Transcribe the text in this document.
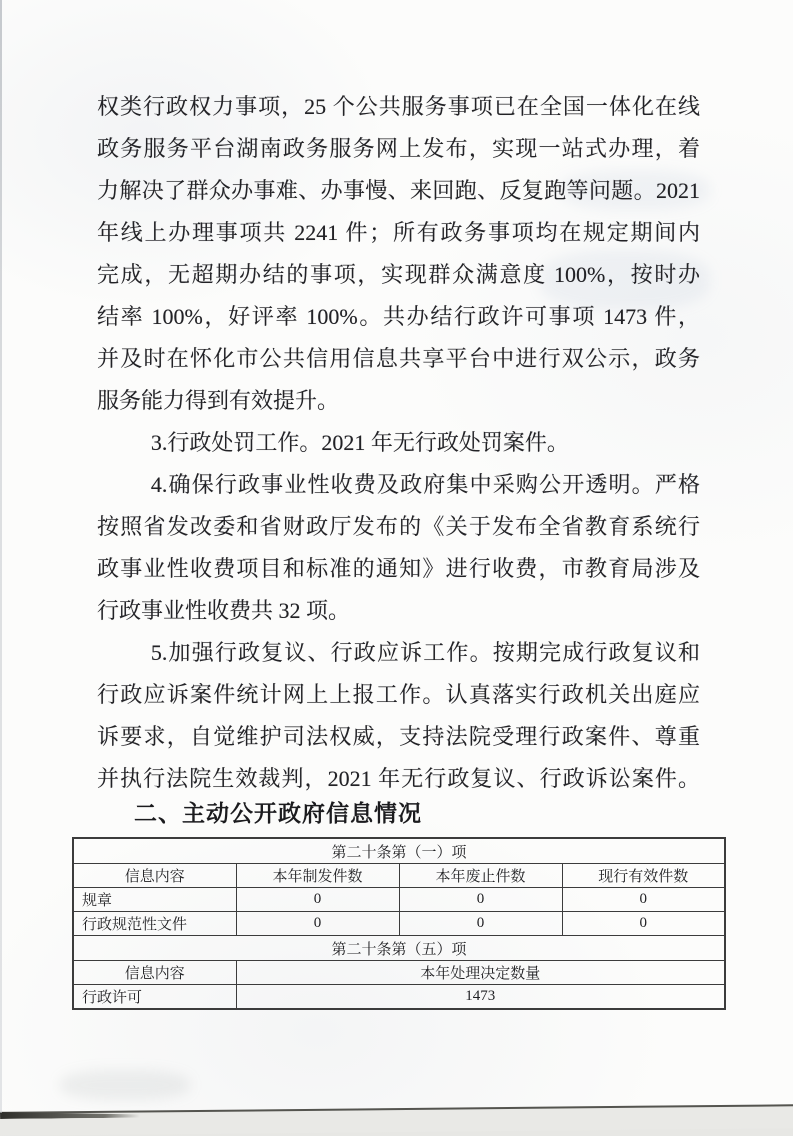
权类行政权力事项，25 个公共服务事项已在全国一体化在线
政务服务平台湖南政务服务网上发布，实现一站式办理，着
力解决了群众办事难、办事慢、来回跑、反复跑等问题。2021
年线上办理事项共 2241 件；所有政务事项均在规定期间内
完成，无超期办结的事项，实现群众满意度 100%，按时办
结率 100%，好评率 100%。共办结行政许可事项 1473 件，
并及时在怀化市公共信用信息共享平台中进行双公示，政务
服务能力得到有效提升。
3.行政处罚工作。2021 年无行政处罚案件。
4.确保行政事业性收费及政府集中采购公开透明。严格
按照省发改委和省财政厅发布的《关于发布全省教育系统行
政事业性收费项目和标准的通知》进行收费，市教育局涉及
行政事业性收费共 32 项。
5.加强行政复议、行政应诉工作。按期完成行政复议和
行政应诉案件统计网上上报工作。认真落实行政机关出庭应
诉要求，自觉维护司法权威，支持法院受理行政案件、尊重
并执行法院生效裁判，2021 年无行政复议、行政诉讼案件。
二、主动公开政府信息情况
第二十条第（一）项			
信息内容	本年制发件数	本年废止件数	现行有效件数
规章	0	0	0
行政规范性文件	0	0	0
第二十条第（五）项			
信息内容	本年处理决定数量		
行政许可	1473		
